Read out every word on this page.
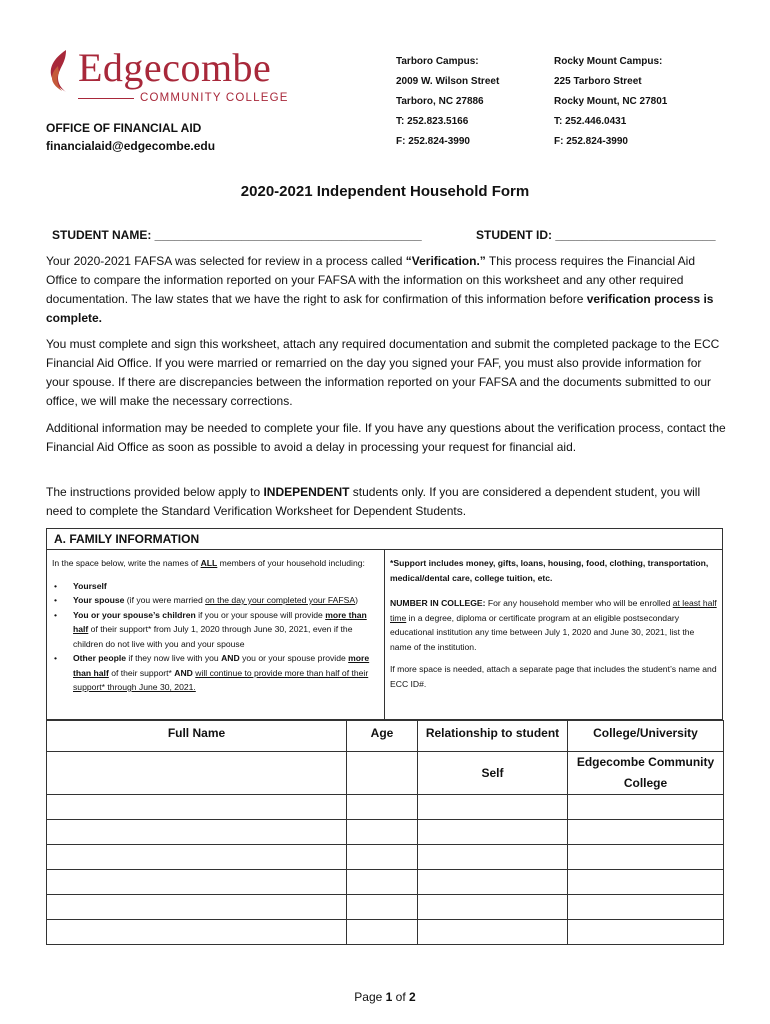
Edgecombe
COMMUNITY COLLEGE
OFFICE OF FINANCIAL AID
financialaid@edgecombe.edu
Tarboro Campus:
2009 W. Wilson Street
Tarboro, NC 27886
T: 252.823.5166
F: 252.824-3990
Rocky Mount Campus:
225 Tarboro Street
Rocky Mount, NC 27801
T: 252.446.0431
F: 252.824-3990
2020-2021 Independent Household Form
STUDENT NAME: ________________________________________	STUDENT ID: ________________________

Your 2020-2021 FAFSA was selected for review in a process called “Verification.” This process requires the Financial Aid Office to compare the information reported on your FAFSA with the information on this worksheet and any other required documentation. The law states that we have the right to ask for confirmation of this information before verification process is complete.

You must complete and sign this worksheet, attach any required documentation and submit the completed package to the ECC Financial Aid Office. If you were married or remarried on the day you signed your FAF, you must also provide information for your spouse. If there are discrepancies between the information reported on your FAFSA and the documents submitted to our office, we will make the necessary corrections.

Additional information may be needed to complete your file. If you have any questions about the verification process, contact the Financial Aid Office as soon as possible to avoid a delay in processing your request for financial aid.

The instructions provided below apply to INDEPENDENT students only. If you are considered a dependent student, you will need to complete the Standard Verification Worksheet for Dependent Students.

A. FAMILY INFORMATION
In the space below, write the names of ALL members of your household including:
• Yourself
• Your spouse (if you were married on the day your completed your FAFSA)
• You or your spouse’s children if you or your spouse will provide more than half of their support* from July 1, 2020 through June 30, 2021, even if the children do not live with you and your spouse
• Other people if they now live with you AND you or your spouse provide more than half of their support* AND will continue to provide more than half of their support* through June 30, 2021.
*Support includes money, gifts, loans, housing, food, clothing, transportation, medical/dental care, college tuition, etc.
NUMBER IN COLLEGE: For any household member who will be enrolled at least half time in a degree, diploma or certificate program at an eligible postsecondary educational institution any time between July 1, 2020 and June 30, 2021, list the name of the institution.
If more space is needed, attach a separate page that includes the student’s name and ECC ID#.
Full Name	Age	Relationship to student	College/University
		Self	Edgecombe Community College

Page 1 of 2
